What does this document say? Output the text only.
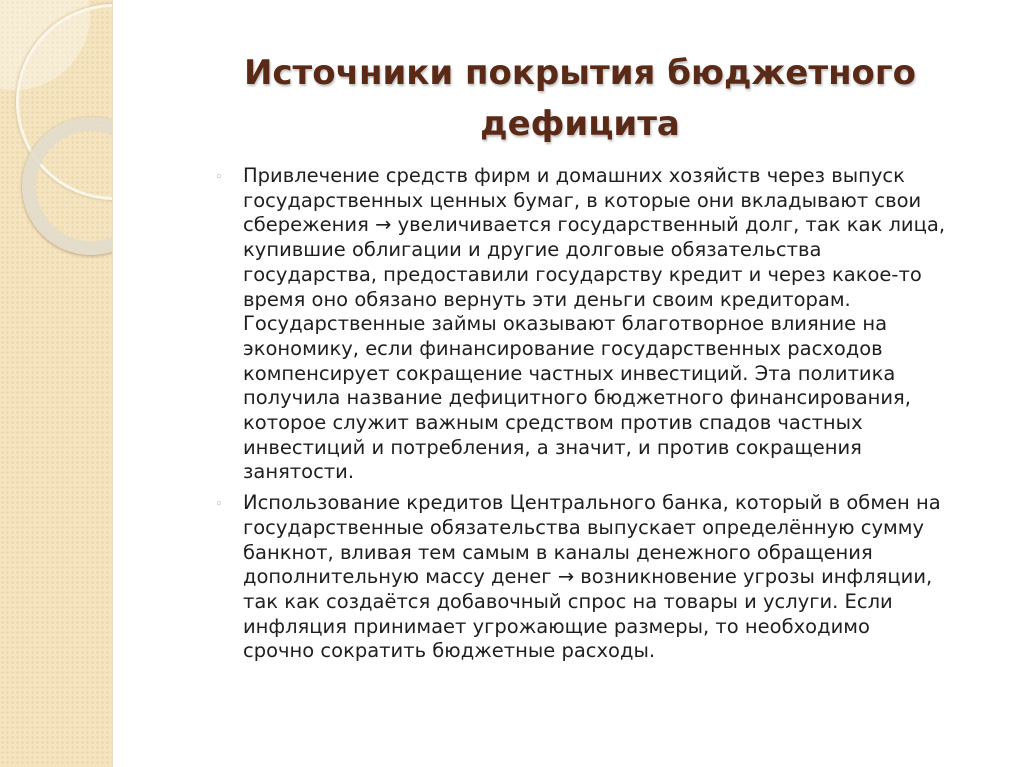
Источники покрытия бюджетного
дефицита
◦ Привлечение средств фирм и домашних хозяйств через выпуск
государственных ценных бумаг, в которые они вкладывают свои
сбережения → увеличивается государственный долг, так как лица,
купившие облигации и другие долговые обязательства
государства, предоставили государству кредит и через какое-то
время оно обязано вернуть эти деньги своим кредиторам.
Государственные займы оказывают благотворное влияние на
экономику, если финансирование государственных расходов
компенсирует сокращение частных инвестиций. Эта политика
получила название дефицитного бюджетного финансирования,
которое служит важным средством против спадов частных
инвестиций и потребления, а значит, и против сокращения
занятости.
◦ Использование кредитов Центрального банка, который в обмен на
государственные обязательства выпускает определённую сумму
банкнот, вливая тем самым в каналы денежного обращения
дополнительную массу денег → возникновение угрозы инфляции,
так как создаётся добавочный спрос на товары и услуги. Если
инфляция принимает угрожающие размеры, то необходимо
срочно сократить бюджетные расходы.
